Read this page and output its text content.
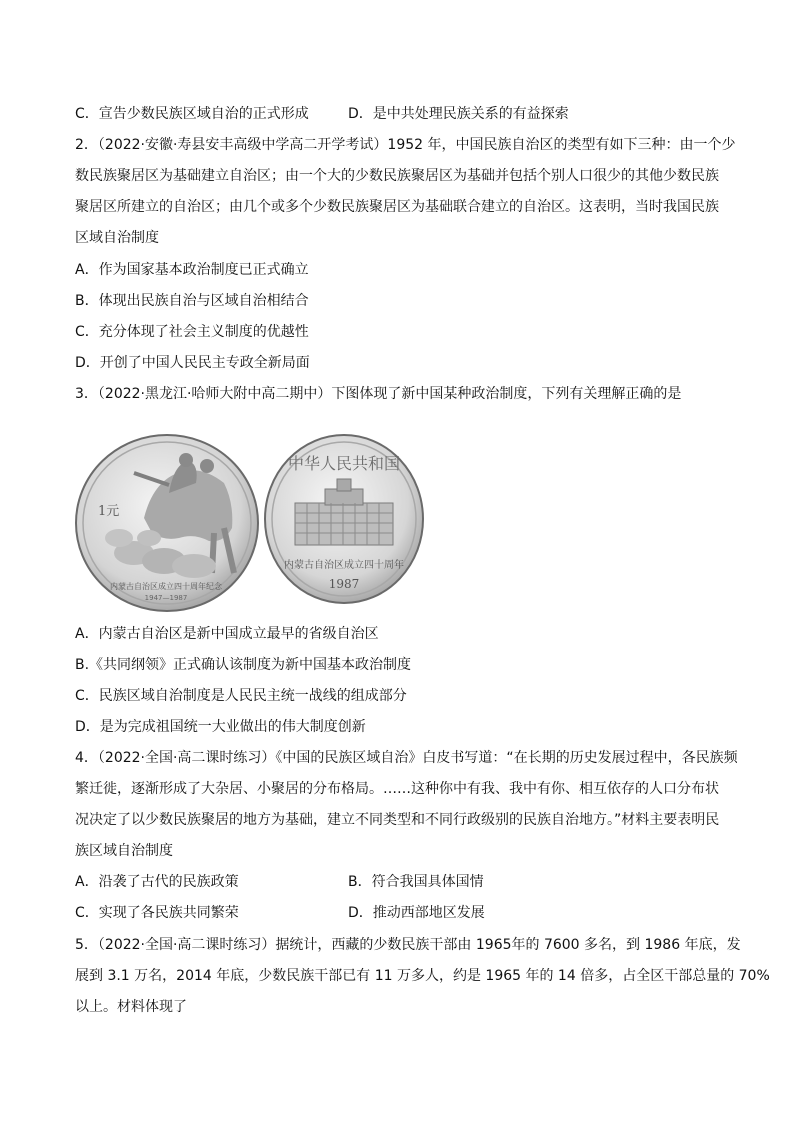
C．宣告少数民族区域自治的正式形成	D．是中共处理民族关系的有益探索
2．（2022·安徽·寿县安丰高级中学高二开学考试）1952 年，中国民族自治区的类型有如下三种：由一个少
数民族聚居区为基础建立自治区；由一个大的少数民族聚居区为基础并包括个别人口很少的其他少数民族
聚居区所建立的自治区；由几个或多个少数民族聚居区为基础联合建立的自治区。这表明，当时我国民族
区域自治制度
A．作为国家基本政治制度已正式确立
B．体现出民族自治与区域自治相结合
C．充分体现了社会主义制度的优越性
D．开创了中国人民民主专政全新局面
3．（2022·黑龙江·哈师大附中高二期中）下图体现了新中国某种政治制度，下列有关理解正确的是
1元
内蒙古自治区成立四十周年纪念
1947—1987
中华人民共和国
内蒙古自治区成立四十周年
1987
A．内蒙古自治区是新中国成立最早的省级自治区
B.《共同纲领》正式确认该制度为新中国基本政治制度
C．民族区域自治制度是人民民主统一战线的组成部分
D．是为完成祖国统一大业做出的伟大制度创新
4．（2022·全国·高二课时练习）《中国的民族区域自治》白皮书写道：“在长期的历史发展过程中，各民族频
繁迁徙，逐渐形成了大杂居、小聚居的分布格局。……这种你中有我、我中有你、相互依存的人口分布状
况决定了以少数民族聚居的地方为基础，建立不同类型和不同行政级别的民族自治地方。”材料主要表明民
族区域自治制度
A．沿袭了古代的民族政策	B．符合我国具体国情
C．实现了各民族共同繁荣	D．推动西部地区发展
5．（2022·全国·高二课时练习）据统计，西藏的少数民族干部由 1965年的 7600 多名，到 1986 年底，发
展到 3.1 万名，2014 年底，少数民族干部已有 11 万多人，约是 1965 年的 14 倍多，占全区干部总量的 70%
以上。材料体现了
